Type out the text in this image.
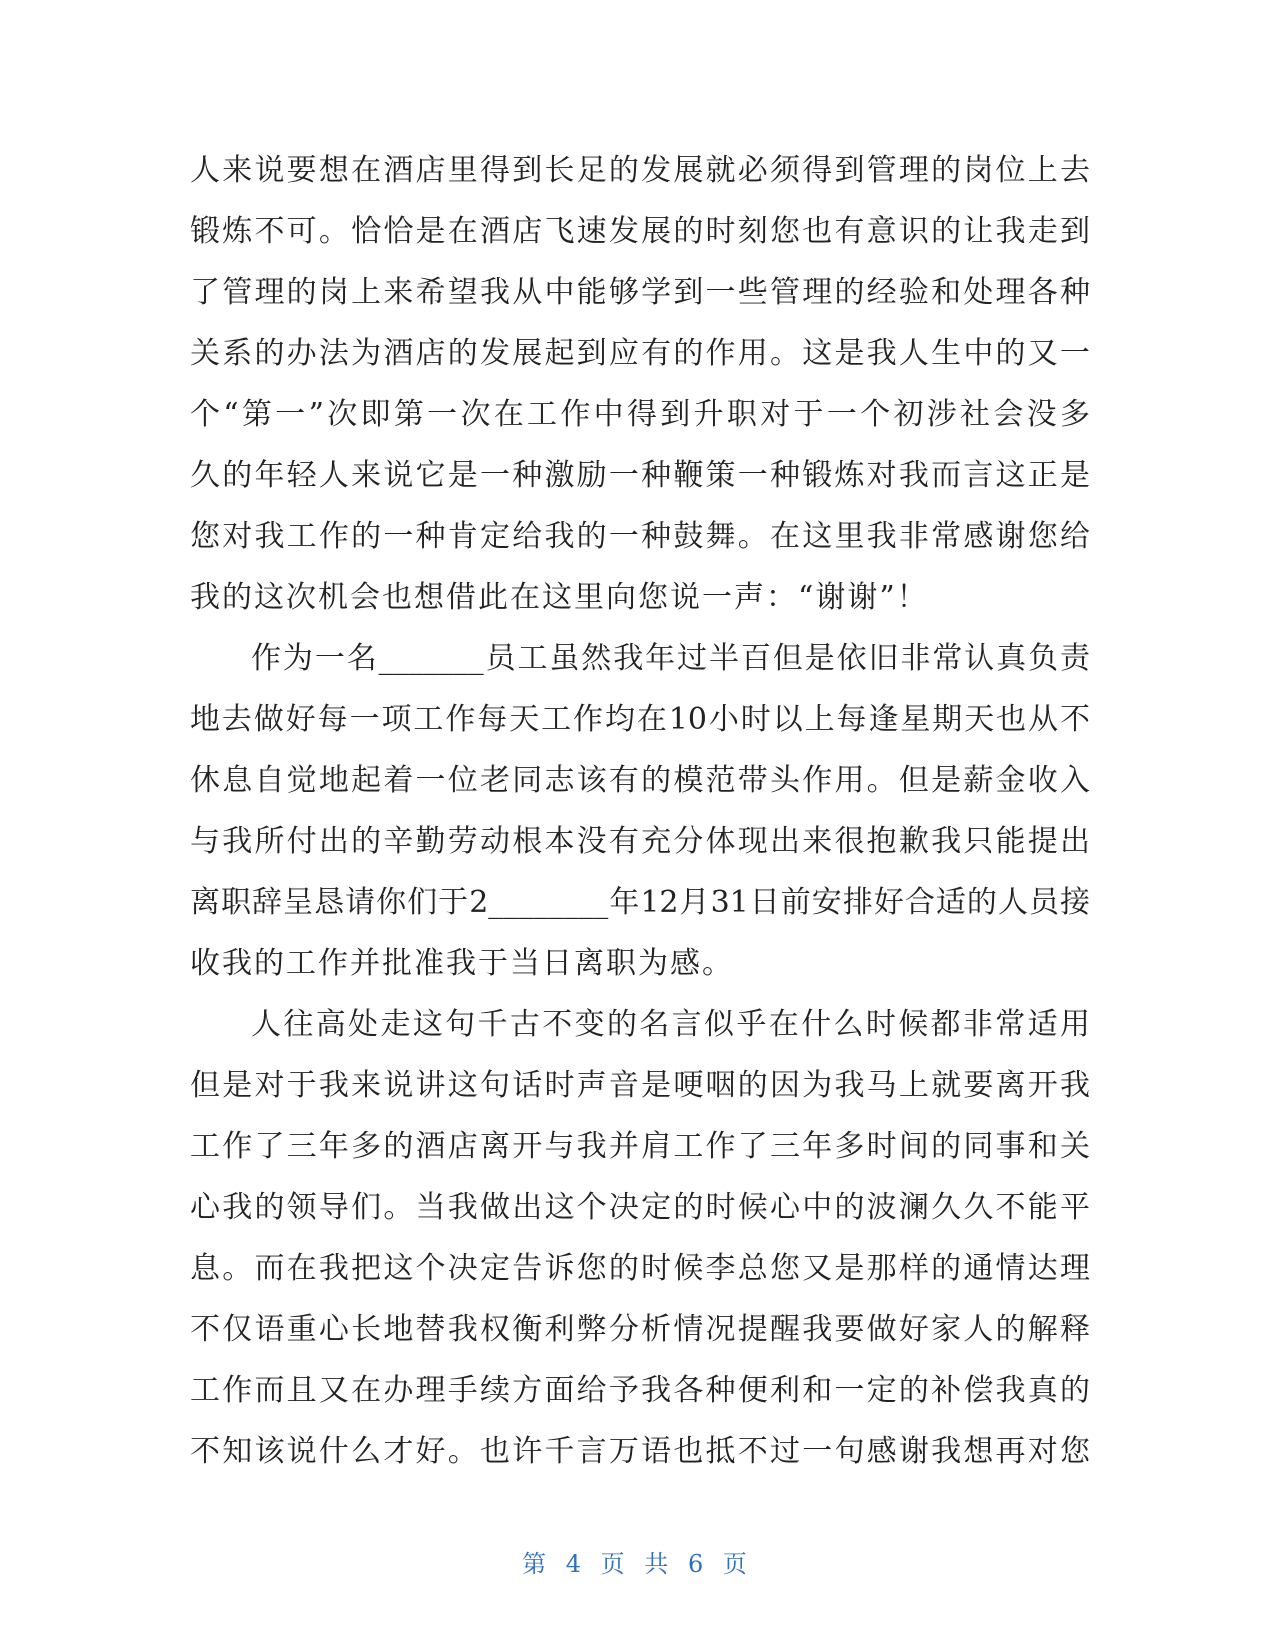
人来说要想在酒店里得到长足的发展就必须得到管理的岗位上去
锻炼不可。恰恰是在酒店飞速发展的时刻您也有意识的让我走到
了管理的岗上来希望我从中能够学到一些管理的经验和处理各种
关系的办法为酒店的发展起到应有的作用。这是我人生中的又一
个“第一”次即第一次在工作中得到升职对于一个初涉社会没多
久的年轻人来说它是一种激励一种鞭策一种锻炼对我而言这正是
您对我工作的一种肯定给我的一种鼓舞。在这里我非常感谢您给
我的这次机会也想借此在这里向您说一声：“谢谢”！
作为一名_______员工虽然我年过半百但是依旧非常认真负责
地去做好每一项工作每天工作均在10小时以上每逢星期天也从不
休息自觉地起着一位老同志该有的模范带头作用。但是薪金收入
与我所付出的辛勤劳动根本没有充分体现出来很抱歉我只能提出
离职辞呈恳请你们于2________年12月31日前安排好合适的人员接
收我的工作并批准我于当日离职为感。
人往高处走这句千古不变的名言似乎在什么时候都非常适用
但是对于我来说讲这句话时声音是哽咽的因为我马上就要离开我
工作了三年多的酒店离开与我并肩工作了三年多时间的同事和关
心我的领导们。当我做出这个决定的时候心中的波澜久久不能平
息。而在我把这个决定告诉您的时候李总您又是那样的通情达理
不仅语重心长地替我权衡利弊分析情况提醒我要做好家人的解释
工作而且又在办理手续方面给予我各种便利和一定的补偿我真的
不知该说什么才好。也许千言万语也抵不过一句感谢我想再对您
第 4 页 共 6 页
